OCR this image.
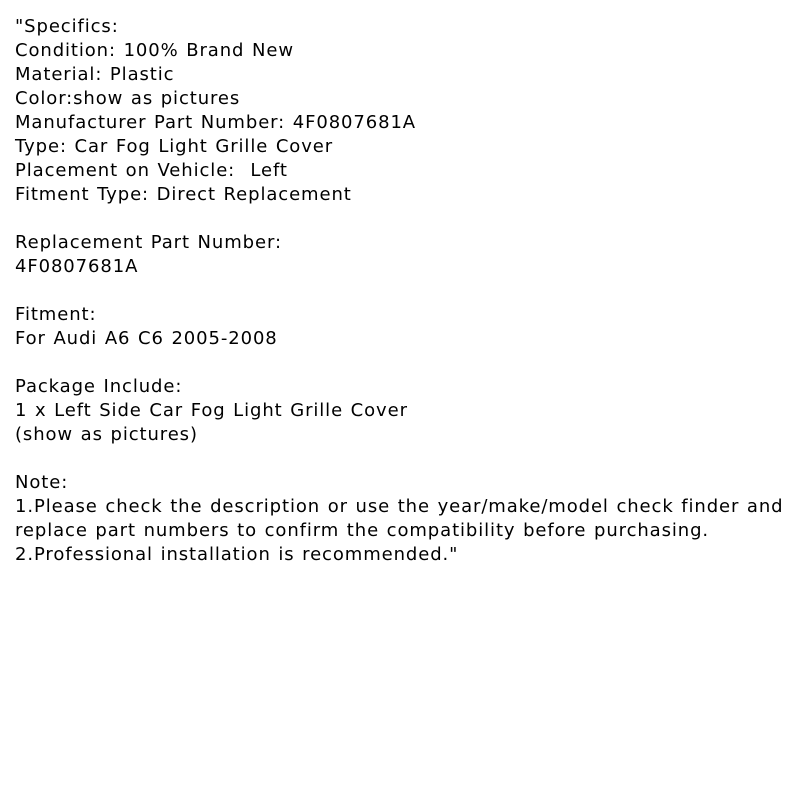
"Specifics:
Condition: 100% Brand New
Material: Plastic
Color:show as pictures
Manufacturer Part Number: 4F0807681A
Type: Car Fog Light Grille Cover
Placement on Vehicle:  Left
Fitment Type: Direct Replacement
Replacement Part Number:
4F0807681A
Fitment:
For Audi A6 C6 2005-2008
Package Include:
1 x Left Side Car Fog Light Grille Cover
(show as pictures)
Note:
1.Please check the description or use the year/make/model check finder and
replace part numbers to confirm the compatibility before purchasing.
2.Professional installation is recommended."
